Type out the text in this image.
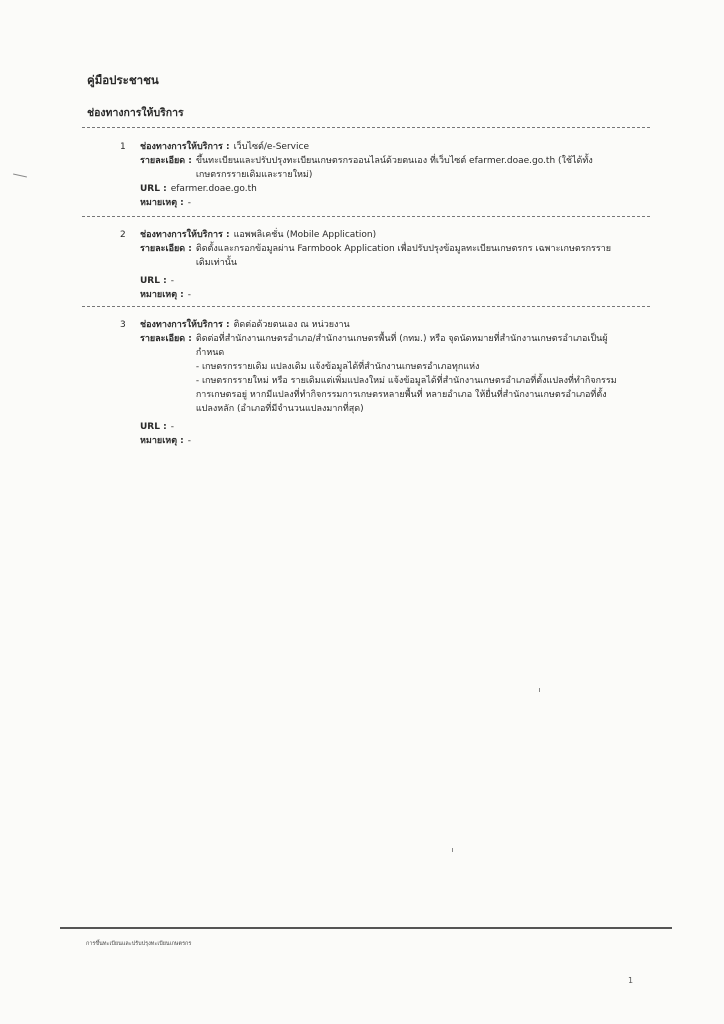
คู่มือประชาชน
ช่องทางการให้บริการ
1	ช่องทางการให้บริการ : เว็บไซต์/e-Service
รายละเอียด : ขึ้นทะเบียนและปรับปรุงทะเบียนเกษตรกรออนไลน์ด้วยตนเอง ที่เว็บไซต์ efarmer.doae.go.th (ใช้ได้ทั้ง
เกษตรกรรายเดิมและรายใหม่)
URL : efarmer.doae.go.th
หมายเหตุ : -
2	ช่องทางการให้บริการ : แอพพลิเคชั่น (Mobile Application)
รายละเอียด : ติดตั้งและกรอกข้อมูลผ่าน Farmbook Application เพื่อปรับปรุงข้อมูลทะเบียนเกษตรกร เฉพาะเกษตรกรราย
เดิมเท่านั้น
URL : -
หมายเหตุ : -
3	ช่องทางการให้บริการ : ติดต่อด้วยตนเอง ณ หน่วยงาน
รายละเอียด : ติดต่อที่สำนักงานเกษตรอำเภอ/สำนักงานเกษตรพื้นที่ (กทม.) หรือ จุดนัดหมายที่สำนักงานเกษตรอำเภอเป็นผู้
กำหนด
- เกษตรกรรายเดิม แปลงเดิม แจ้งข้อมูลได้ที่สำนักงานเกษตรอำเภอทุกแห่ง
- เกษตรกรรายใหม่ หรือ รายเดิมแต่เพิ่มแปลงใหม่ แจ้งข้อมูลได้ที่สำนักงานเกษตรอำเภอที่ตั้งแปลงที่ทำกิจกรรม
การเกษตรอยู่ หากมีแปลงที่ทำกิจกรรมการเกษตรหลายพื้นที่ หลายอำเภอ ให้ยื่นที่สำนักงานเกษตรอำเภอที่ตั้ง
แปลงหลัก (อำเภอที่มีจำนวนแปลงมากที่สุด)
URL : -
หมายเหตุ : -
การขึ้นทะเบียนและปรับปรุงทะเบียนเกษตรกร
1
